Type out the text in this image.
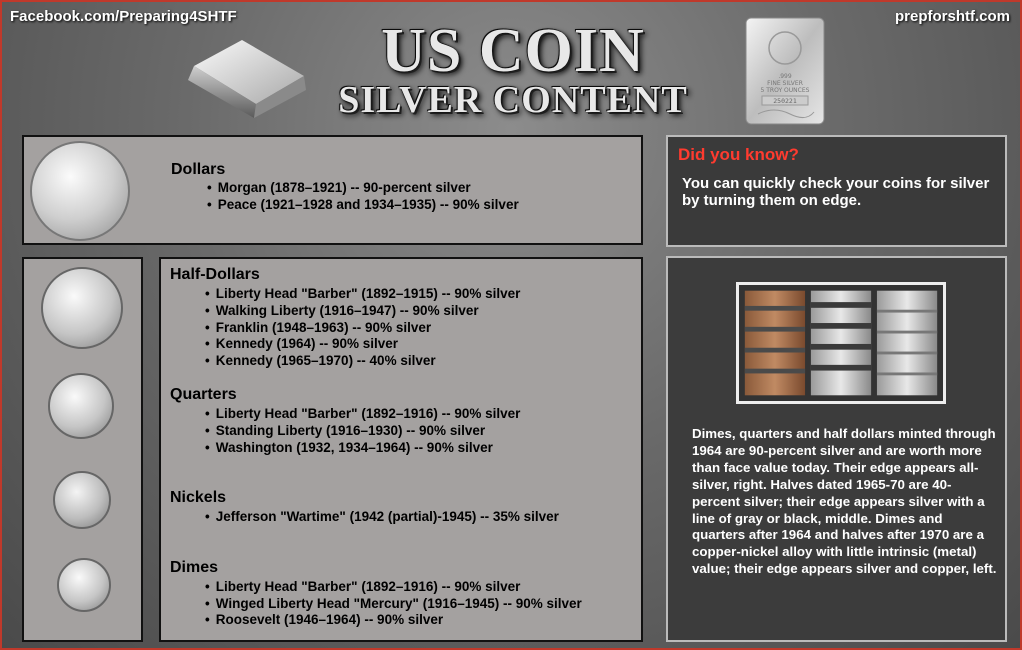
Facebook.com/Preparing4SHTF	prepforshtf.com
US COIN
SILVER CONTENT
.999
FINE SILVER
5 TROY OUNCES
250221
Dollars
• Morgan (1878–1921) -- 90-percent silver
• Peace (1921–1928 and 1934–1935) -- 90% silver
Half-Dollars
• Liberty Head "Barber" (1892–1915) -- 90% silver
• Walking Liberty (1916–1947) -- 90% silver
• Franklin (1948–1963) -- 90% silver
• Kennedy (1964) -- 90% silver
• Kennedy (1965–1970) -- 40% silver
Quarters
• Liberty Head "Barber" (1892–1916) -- 90% silver
• Standing Liberty (1916–1930) -- 90% silver
• Washington (1932, 1934–1964) -- 90% silver
Nickels
• Jefferson "Wartime" (1942 (partial)-1945) -- 35% silver
Dimes
• Liberty Head "Barber" (1892–1916) -- 90% silver
• Winged Liberty Head "Mercury" (1916–1945) -- 90% silver
• Roosevelt (1946–1964) -- 90% silver
Did you know?
You can quickly check your coins for silver by turning them on edge.
Dimes, quarters and half dollars minted through 1964 are 90-percent silver and are worth more than face value today. Their edge appears all-silver, right. Halves dated 1965-70 are 40-percent silver; their edge appears silver with a line of gray or black, middle. Dimes and quarters after 1964 and halves after 1970 are a copper-nickel alloy with little intrinsic (metal) value; their edge appears silver and copper, left.
